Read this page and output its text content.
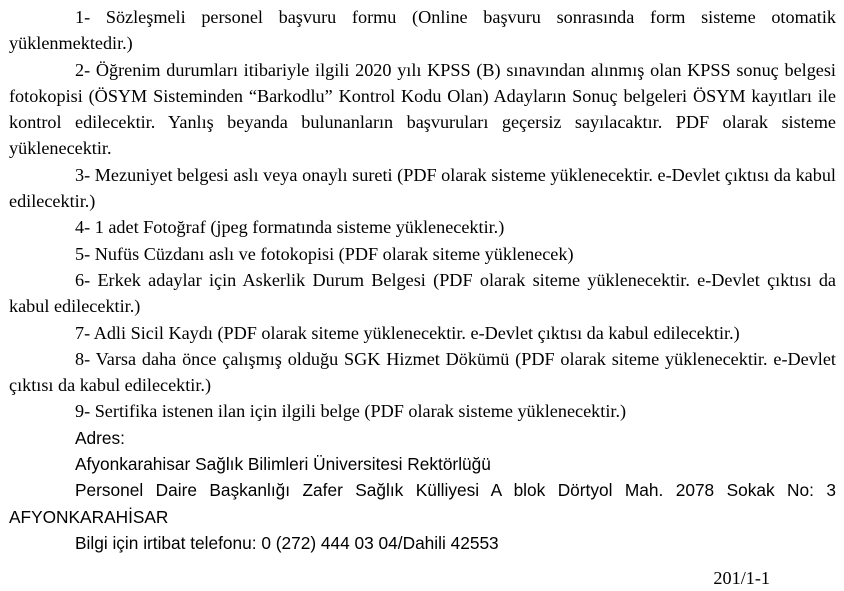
1- Sözleşmeli personel başvuru formu (Online başvuru sonrasında form sisteme otomatik yüklenmektedir.)

2- Öğrenim durumları itibariyle ilgili 2020 yılı KPSS (B) sınavından alınmış olan KPSS sonuç belgesi fotokopisi (ÖSYM Sisteminden “Barkodlu” Kontrol Kodu Olan) Adayların Sonuç belgeleri ÖSYM kayıtları ile kontrol edilecektir. Yanlış beyanda bulunanların başvuruları geçersiz sayılacaktır. PDF olarak sisteme yüklenecektir.

3- Mezuniyet belgesi aslı veya onaylı sureti (PDF olarak sisteme yüklenecektir. e-Devlet çıktısı da kabul edilecektir.)

4- 1 adet Fotoğraf (jpeg formatında sisteme yüklenecektir.)

5- Nufüs Cüzdanı aslı ve fotokopisi (PDF olarak siteme yüklenecek)

6- Erkek adaylar için Askerlik Durum Belgesi (PDF olarak siteme yüklenecektir. e-Devlet çıktısı da kabul edilecektir.)

7- Adli Sicil Kaydı (PDF olarak siteme yüklenecektir. e-Devlet çıktısı da kabul edilecektir.)

8- Varsa daha önce çalışmış olduğu SGK Hizmet Dökümü (PDF olarak siteme yüklenecektir. e-Devlet çıktısı da kabul edilecektir.)

9- Sertifika istenen ilan için ilgili belge (PDF olarak sisteme yüklenecektir.)

Adres:

Afyonkarahisar Sağlık Bilimleri Üniversitesi Rektörlüğü

Personel Daire Başkanlığı Zafer Sağlık Külliyesi A blok Dörtyol Mah. 2078 Sokak No: 3 AFYONKARAHİSAR

Bilgi için irtibat telefonu: 0 (272) 444 03 04/Dahili 42553

201/1-1
